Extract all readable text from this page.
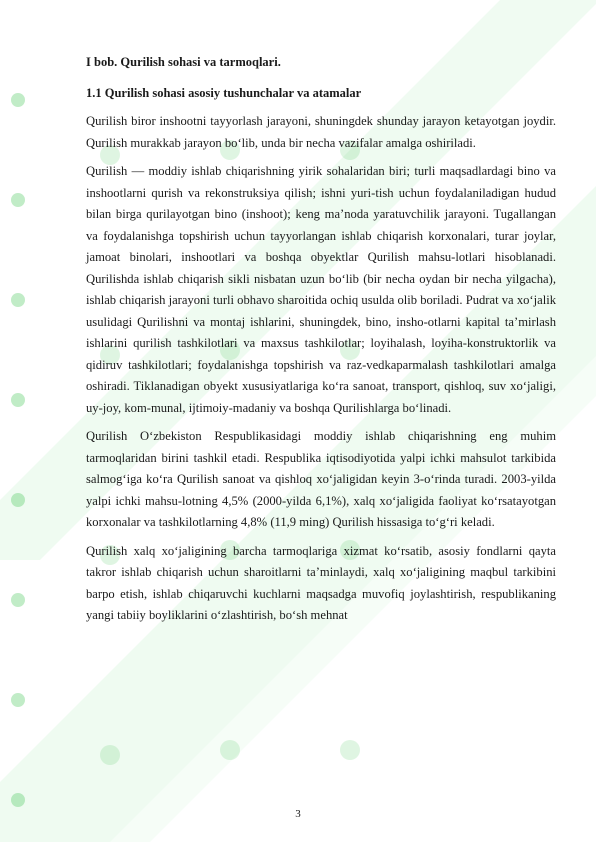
I bob. Qurilish sohasi va tarmoqlari.
1.1 Qurilish sohasi asosiy tushunchalar va atamalar

Qurilish biror inshootni tayyorlash jarayoni, shuningdek shunday jarayon ketayotgan joydir. Qurilish murakkab jarayon bo‘lib, unda bir necha vazifalar amalga oshiriladi.

Qurilish — moddiy ishlab chiqarishning yirik sohalaridan biri; turli maqsadlardagi bino va inshootlarni qurish va rekonstruksiya qilish; ishni yuri-tish uchun foydalaniladigan hudud bilan birga qurilayotgan bino (inshoot); keng ma’noda yaratuvchilik jarayoni. Tugallangan va foydalanishga topshirish uchun tayyorlangan ishlab chiqarish korxonalari, turar joylar, jamoat binolari, inshootlari va boshqa obyektlar Qurilish mahsu-lotlari hisoblanadi. Qurilishda ishlab chiqarish sikli nisbatan uzun bo‘lib (bir necha oydan bir necha yilgacha), ishlab chiqarish jarayoni turli obhavo sharoitida ochiq usulda olib boriladi. Pudrat va xo‘jalik usulidagi Qurilishni va montaj ishlarini, shuningdek, bino, insho-otlarni kapital ta’mirlash ishlarini qurilish tashkilotlari va maxsus tashkilotlar; loyihalash, loyiha-konstruktorlik va qidiruv tashkilotlari; foydalanishga topshirish va raz-vedkaparmalash tashkilotlari amalga oshiradi. Tiklanadigan obyekt xususiyatlariga ko‘ra sanoat, transport, qishloq, suv xo‘jaligi, uy-joy, kom-munal, ijtimoiy-madaniy va boshqa Qurilishlarga bo‘linadi.

Qurilish O‘zbekiston Respublikasidagi moddiy ishlab chiqarishning eng muhim tarmoqlaridan birini tashkil etadi. Respublika iqtisodiyotida yalpi ichki mahsulot tarkibida salmog‘iga ko‘ra Qurilish sanoat va qishloq xo‘jaligidan keyin 3-o‘rinda turadi. 2003-yilda yalpi ichki mahsu-lotning 4,5% (2000-yilda 6,1%), xalq xo‘jaligida faoliyat ko‘rsatayotgan korxonalar va tashkilotlarning 4,8% (11,9 ming) Qurilish hissasiga to‘g‘ri keladi.

Qurilish xalq xo‘jaligining barcha tarmoqlariga xizmat ko‘rsatib, asosiy fondlarni qayta takror ishlab chiqarish uchun sharoitlarni ta’minlaydi, xalq xo‘jaligining maqbul tarkibini barpo etish, ishlab chiqaruvchi kuchlarni maqsadga muvofiq joylashtirish, respublikaning yangi tabiiy boyliklarini o‘zlashtirish, bo‘sh mehnat

3
